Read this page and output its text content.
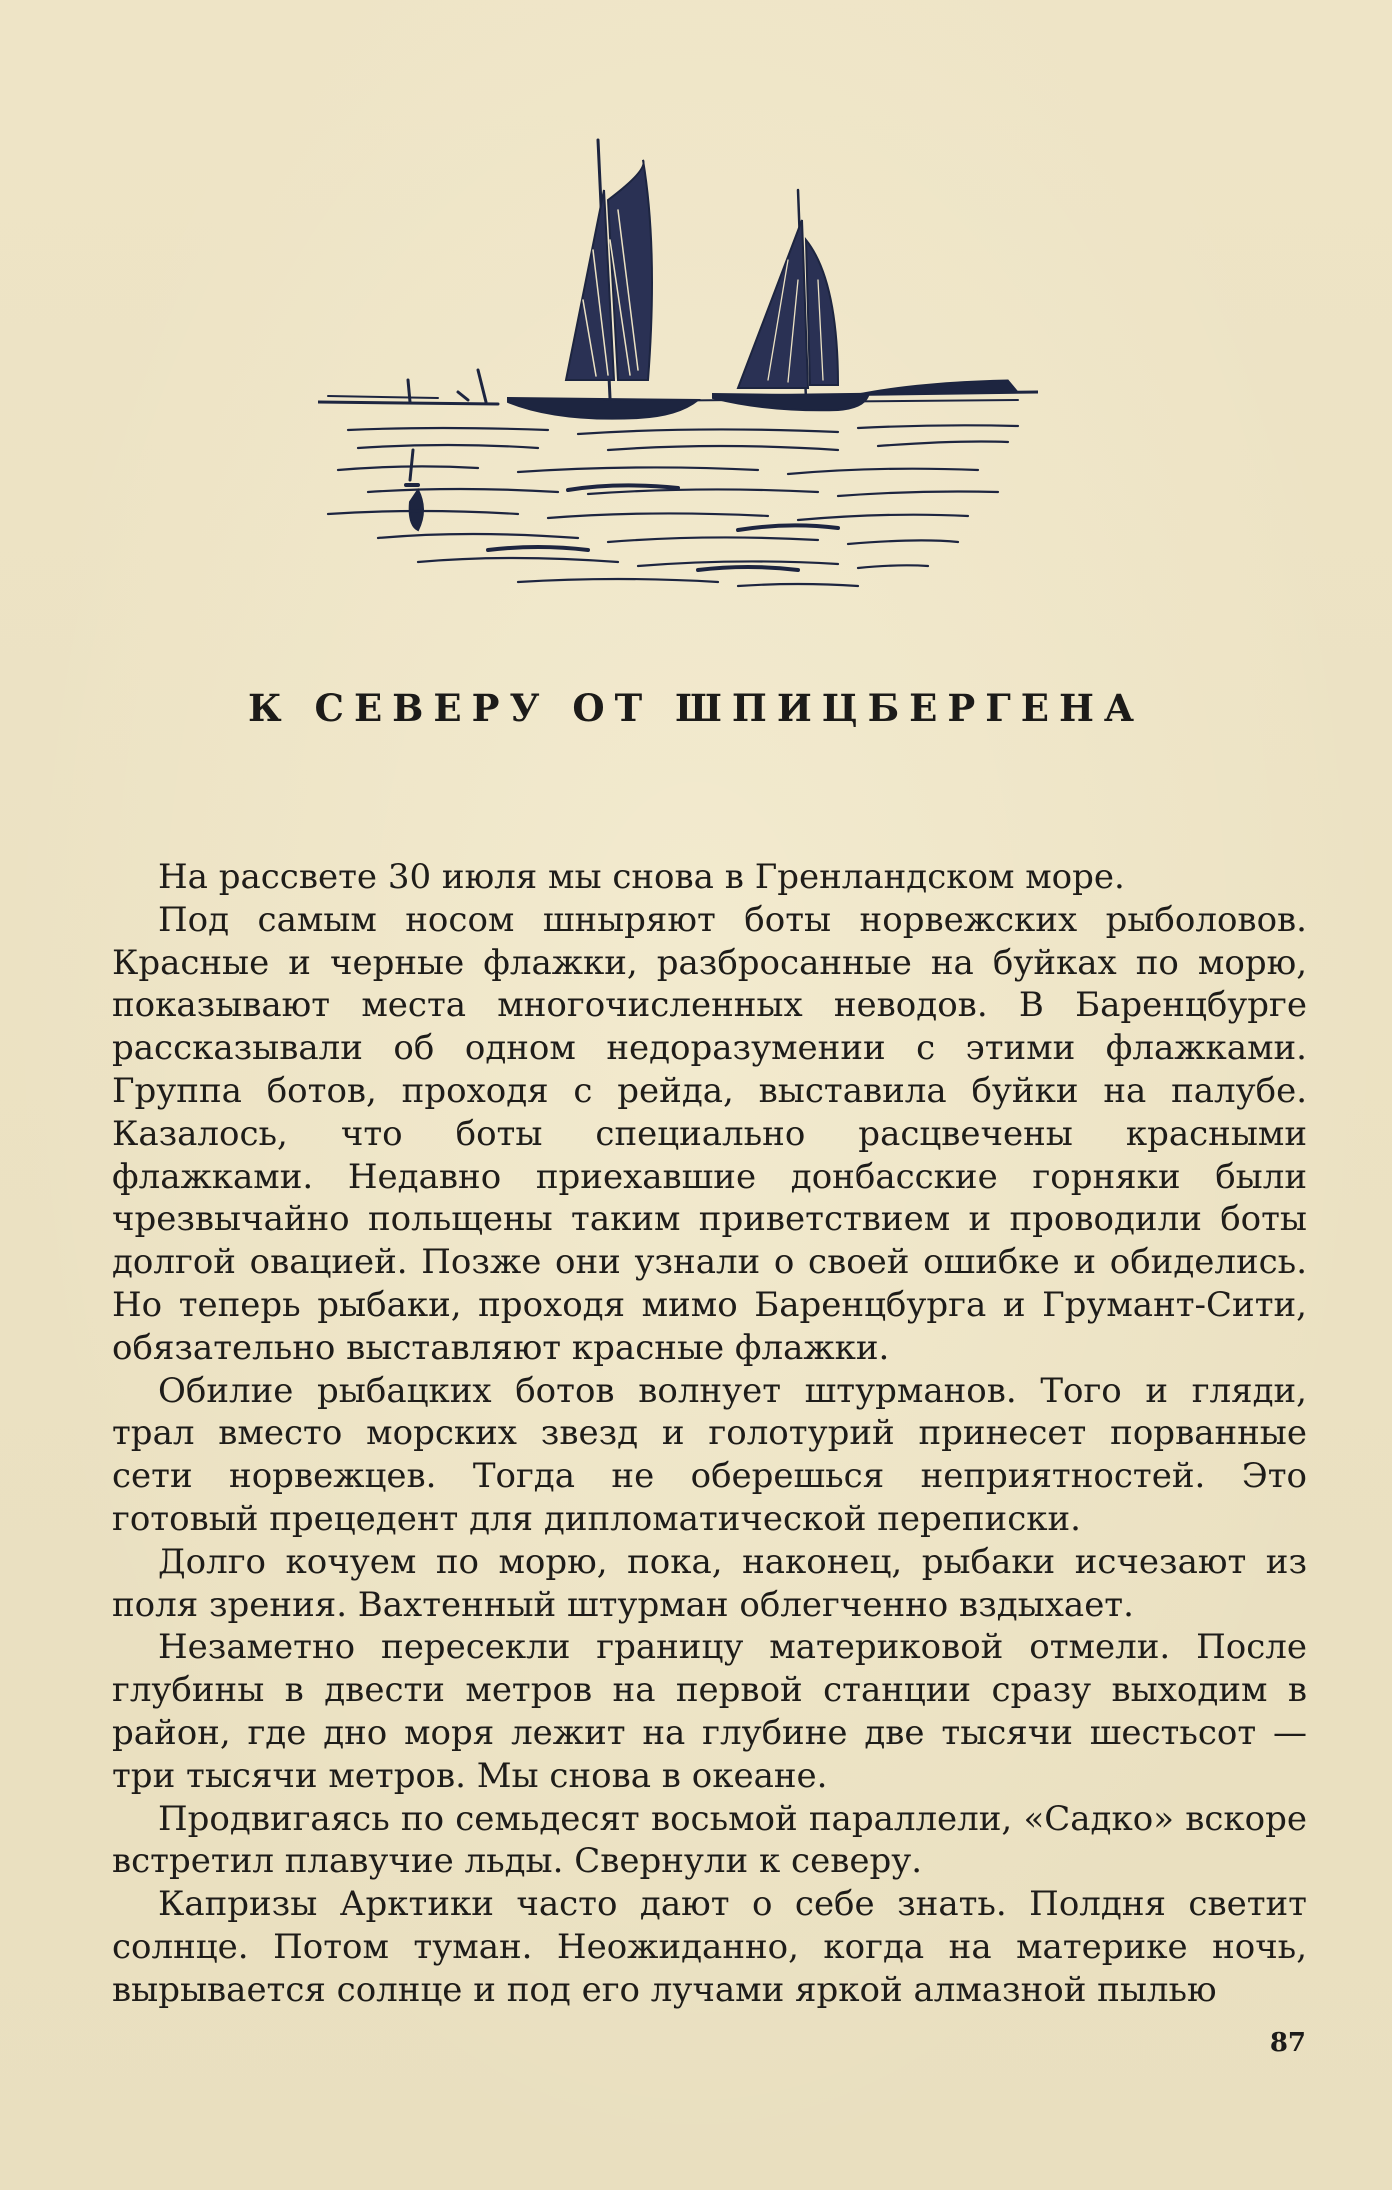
К СЕВЕРУ ОТ ШПИЦБЕРГЕНА

На рассвете 30 июля мы снова в Гренландском море.

Под самым носом шныряют боты норвежских рыболовов. Красные и черные флажки, разбросанные на буйках по морю, показывают места многочисленных неводов. В Баренцбурге рассказывали об одном недоразумении с этими флажками. Группа ботов, проходя с рейда, выставила буйки на палубе. Казалось, что боты специально расцвечены красными флажками. Недавно приехавшие донбасские горняки были чрезвычайно польщены таким приветствием и проводили боты долгой овацией. Позже они узнали о своей ошибке и обиделись. Но теперь рыбаки, проходя мимо Баренцбурга и Грумант-Сити, обязательно выставляют красные флажки.

Обилие рыбацких ботов волнует штурманов. Того и гляди, трал вместо морских звезд и голотурий принесет порванные сети норвежцев. Тогда не оберешься неприятностей. Это готовый прецедент для дипломатической переписки.

Долго кочуем по морю, пока, наконец, рыбаки исчезают из поля зрения. Вахтенный штурман облегченно вздыхает.

Незаметно пересекли границу материковой отмели. После глубины в двести метров на первой станции сразу выходим в район, где дно моря лежит на глубине две тысячи шестьсот — три тысячи метров. Мы снова в океане.

Продвигаясь по семьдесят восьмой параллели, «Садко» вскоре встретил плавучие льды. Свернули к северу.

Капризы Арктики часто дают о себе знать. Полдня светит солнце. Потом туман. Неожиданно, когда на материке ночь, вырывается солнце и под его лучами яркой алмазной пылью

87
